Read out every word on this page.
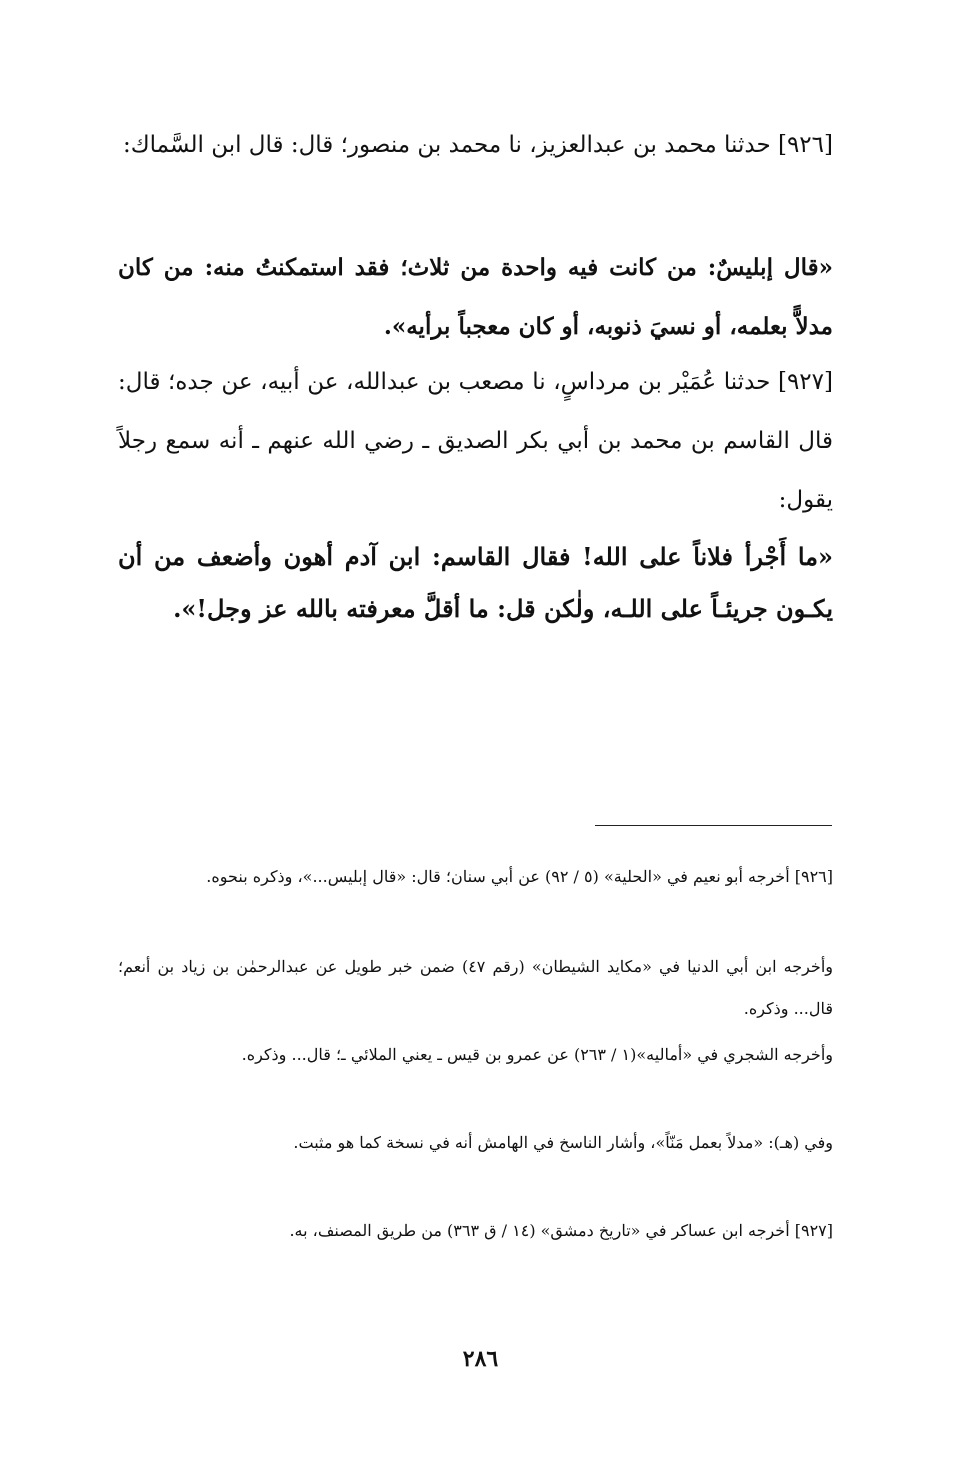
[٩٢٦] حدثنا محمد بن عبدالعزيز، نا محمد بن منصور؛ قال: قال ابن السَّماك:
«قال إبليسٌ: من كانت فيه واحدة من ثلاث؛ فقد استمكنتُ منه: من كان مدلاًّ بعلمه، أو نسيَ ذنوبه، أو كان معجباً برأيه».
[٩٢٧] حدثنا عُمَيْر بن مرداسٍ، نا مصعب بن عبدالله، عن أبيه، عن جده؛ قال: قال القاسم بن محمد بن أبي بكر الصديق ـ رضي الله عنهم ـ أنه سمع رجلاً يقول:
«ما أَجْرأ فلاناً على الله! فقال القاسم: ابن آدم أهون وأضعف من أن يكـون جريئـاً على اللـه، ولٰكن قل: ما أقلَّ معرفته بالله عز وجل!».
[٩٢٦] أخرجه أبو نعيم في «الحلية» (٥ / ٩٢) عن أبي سنان؛ قال: «قال إبليس...»، وذكره بنحوه.
وأخرجه ابن أبي الدنيا في «مكايد الشيطان» (رقم ٤٧) ضمن خبر طويل عن عبدالرحمٰن بن زياد بن أنعم؛ قال... وذكره.
وأخرجه الشجري في «أماليه»(١ / ٢٦٣) عن عمرو بن قيس ـ يعني الملائي ـ؛ قال... وذكره.
وفي (هـ): «مدلاً بعمل مَنّاً»، وأشار الناسخ في الهامش أنه في نسخة كما هو مثبت.
[٩٢٧] أخرجه ابن عساكر في «تاريخ دمشق» (١٤ / ق ٣٦٣) من طريق المصنف، به.
٢٨٦
